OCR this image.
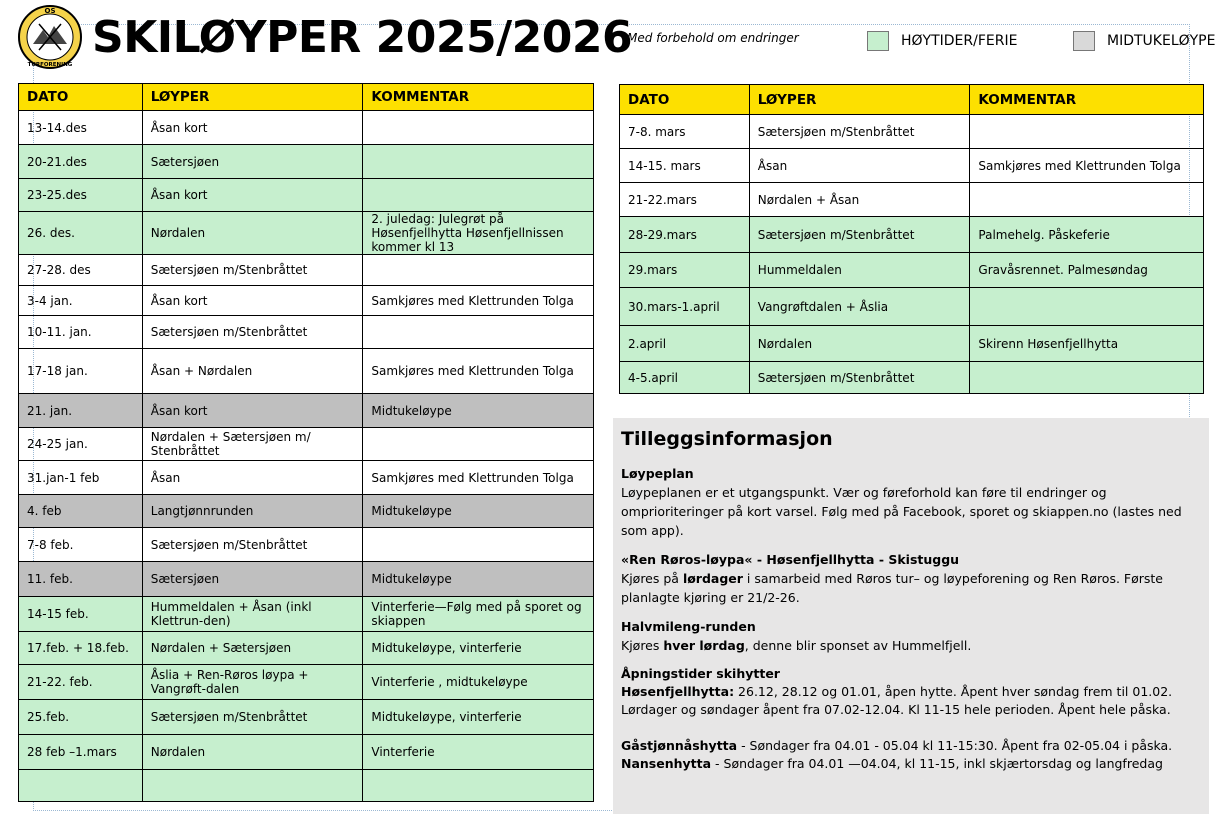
OS
TURFORENING
SKILØYPER 2025/2026
Med forbehold om endringer	HØYTIDER/FERIE	MIDTUKELØYPE
DATO	LØYPER	KOMMENTAR
13-14.des	Åsan kort	
20-21.des	Sætersjøen	
23-25.des	Åsan kort	
26. des.	Nørdalen	2. juledag: Julegrøt på Høsenfjellhytta Høsenfjellnissen kommer kl 13
27-28. des	Sætersjøen m/Stenbråttet	
3-4 jan.	Åsan kort	Samkjøres med Klettrunden Tolga
10-11. jan.	Sætersjøen m/Stenbråttet	
17-18 jan.	Åsan + Nørdalen	Samkjøres med Klettrunden Tolga
21. jan.	Åsan kort	Midtukeløype
24-25 jan.	Nørdalen + Sætersjøen m/ Stenbråttet	
31.jan-1 feb	Åsan	Samkjøres med Klettrunden Tolga
4. feb	Langtjønnrunden	Midtukeløype
7-8 feb.	Sætersjøen m/Stenbråttet	
11. feb.	Sætersjøen	Midtukeløype
14-15 feb.	Hummeldalen + Åsan (inkl Klettrun-den)	Vinterferie—Følg med på sporet og skiappen
17.feb. + 18.feb.	Nørdalen + Sætersjøen	Midtukeløype, vinterferie
21-22. feb.	Åslia + Ren-Røros løypa + Vangrøft-dalen	Vinterferie , midtukeløype
25.feb.	Sætersjøen m/Stenbråttet	Midtukeløype, vinterferie
28 feb –1.mars	Nørdalen	Vinterferie

DATO	LØYPER	KOMMENTAR
7-8. mars	Sætersjøen m/Stenbråttet	
14-15. mars	Åsan	Samkjøres med Klettrunden Tolga
21-22.mars	Nørdalen + Åsan	
28-29.mars	Sætersjøen m/Stenbråttet	Palmehelg. Påskeferie
29.mars	Hummeldalen	Gravåsrennet. Palmesøndag
30.mars-1.april	Vangrøftdalen + Åslia	
2.april	Nørdalen	Skirenn Høsenfjellhytta
4-5.april	Sætersjøen m/Stenbråttet	
Tilleggsinformasjon
Løypeplan

Løypeplanen er et utgangspunkt. Vær og føreforhold kan føre til endringer og omprioriteringer på kort varsel. Følg med på Facebook, sporet og skiappen.no (lastes ned som app).

«Ren Røros-løypa« - Høsenfjellhytta - Skistuggu

Kjøres på lørdager i samarbeid med Røros tur– og løypeforening og Ren Røros. Første planlagte kjøring er 21/2-26.

Halvmileng-runden

Kjøres hver lørdag, denne blir sponset av Hummelfjell.

Åpningstider skihytter

Høsenfjellhytta: 26.12, 28.12 og 01.01, åpen hytte. Åpent hver søndag frem til 01.02. Lørdager og søndager åpent fra 07.02-12.04. Kl 11-15 hele perioden. Åpent hele påska.

Gåstjønnåshytta - Søndager fra 04.01 - 05.04 kl 11-15:30. Åpent fra 02-05.04 i påska.

Nansenhytta - Søndager fra 04.01 —04.04, kl 11-15, inkl skjærtorsdag og langfredag
